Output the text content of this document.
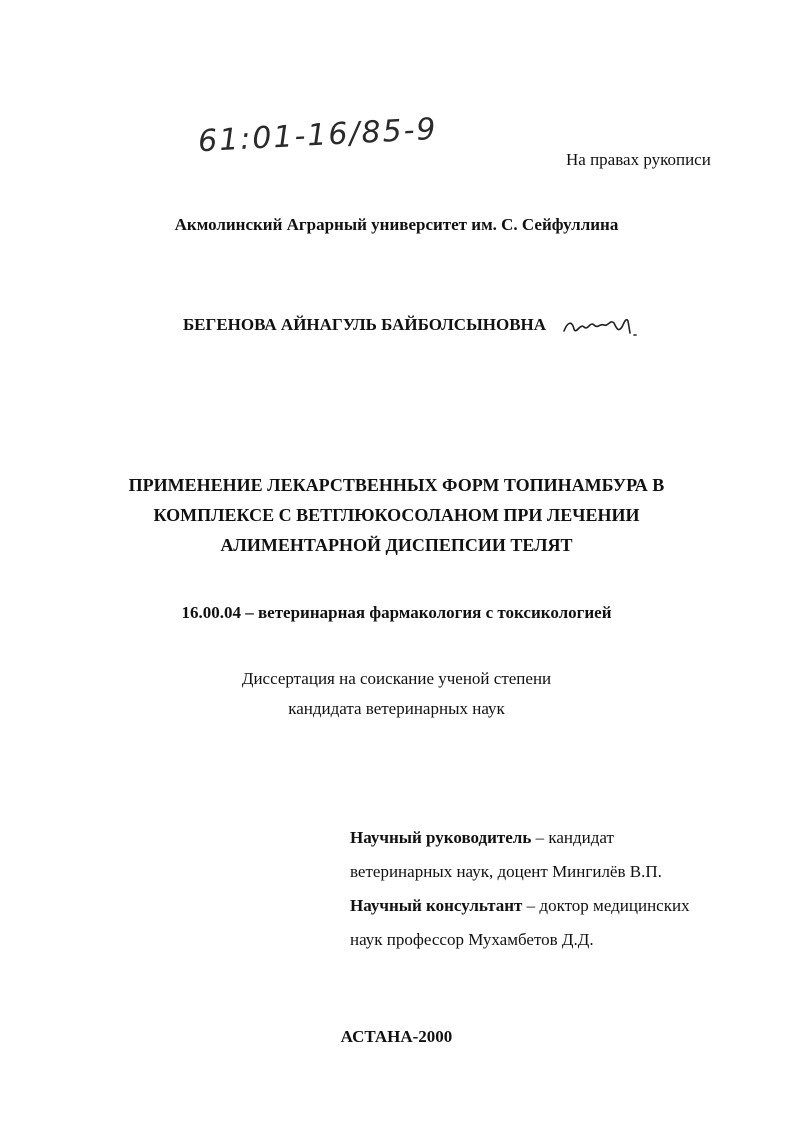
61:01-16/85-9
На правах рукописи
Акмолинский Аграрный университет им. С. Сейфуллина
БЕГЕНОВА АЙНАГУЛЬ БАЙБОЛСЫНОВНА
ПРИМЕНЕНИЕ ЛЕКАРСТВЕННЫХ ФОРМ ТОПИНАМБУРА В
КОМПЛЕКСЕ С ВЕТГЛЮКОСОЛАНОМ ПРИ ЛЕЧЕНИИ
АЛИМЕНТАРНОЙ ДИСПЕПСИИ ТЕЛЯТ
16.00.04 – ветеринарная фармакология с токсикологией
Диссертация на соискание ученой степени
кандидата ветеринарных наук
Научный руководитель – кандидат
ветеринарных наук, доцент Мингилёв В.П.
Научный консультант – доктор медицинских
наук профессор Мухамбетов Д.Д.
АСТАНА-2000
